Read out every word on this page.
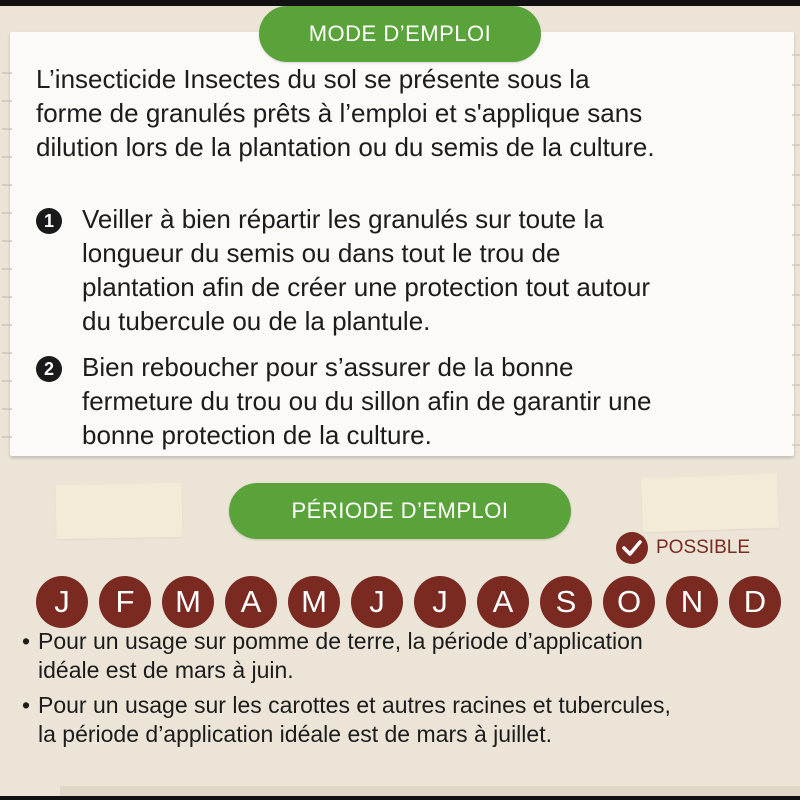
MODE D’EMPLOI

L’insecticide Insectes du sol se présente sous la forme de granulés prêts à l’emploi et s'applique sans dilution lors de la plantation ou du semis de la culture.

1	Veiller à bien répartir les granulés sur toute la longueur du semis ou dans tout le trou de plantation afin de créer une protection tout autour du tubercule ou de la plantule.

2	Bien reboucher pour s’assurer de la bonne fermeture du trou ou du sillon afin de garantir une bonne protection de la culture.

PÉRIODE D’EMPLOI
POSSIBLE
J	F	M	A	M	J	J	A	S	O	N	D
• Pour un usage sur pomme de terre, la période d’application idéale est de mars à juin.
• Pour un usage sur les carottes et autres racines et tubercules, la période d’application idéale est de mars à juillet.
